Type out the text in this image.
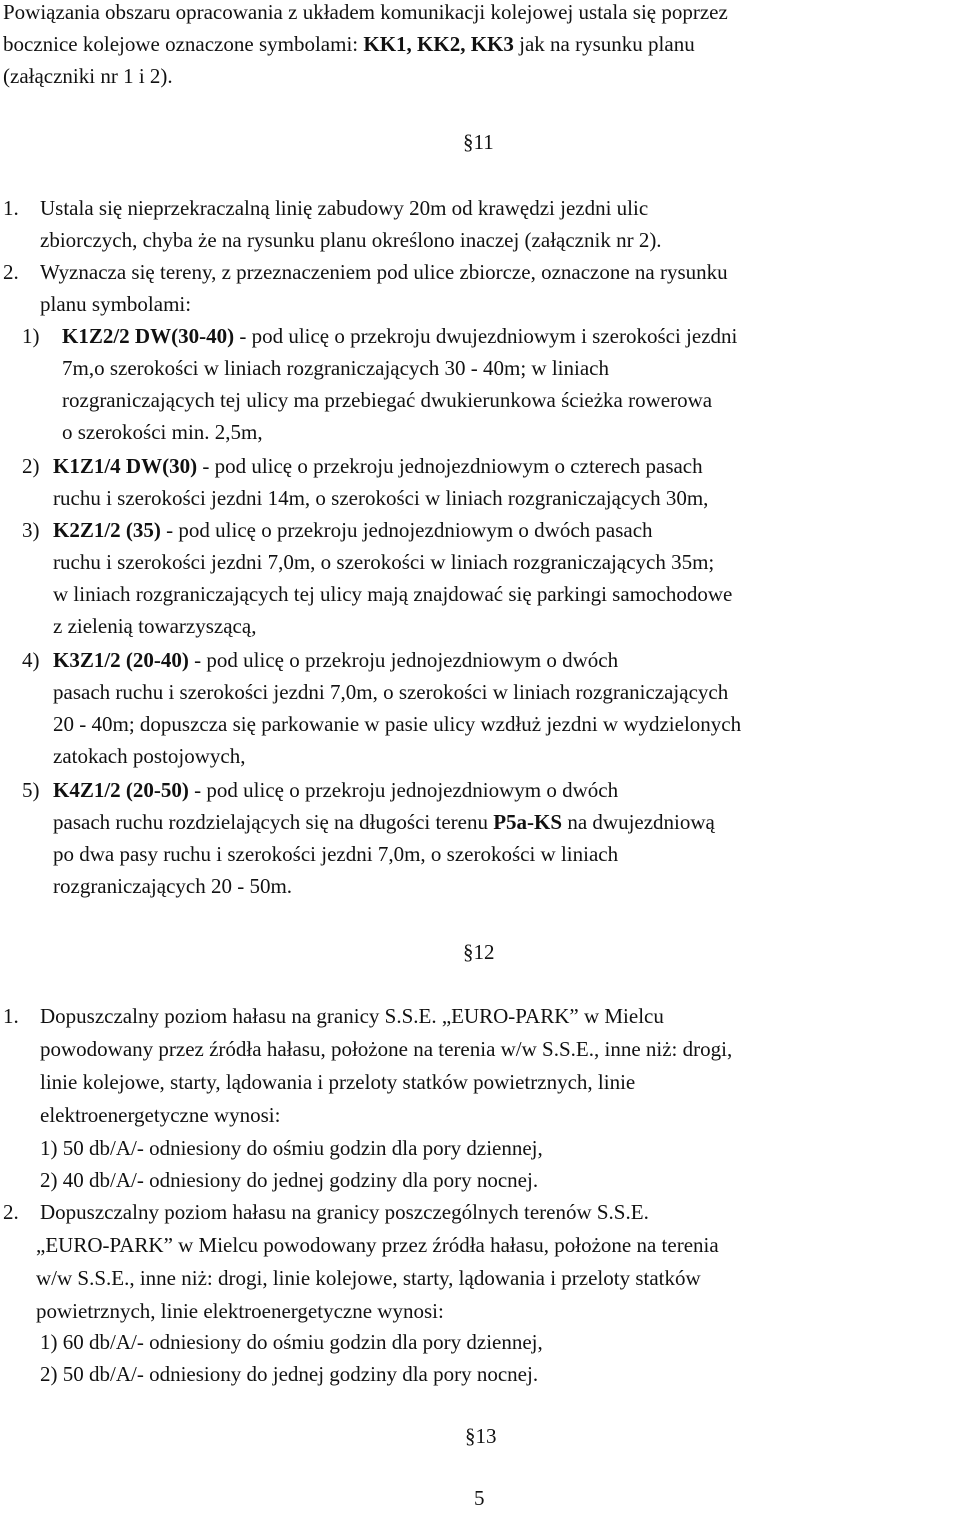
Powiązania obszaru opracowania z układem komunikacji kolejowej ustala się poprzez
bocznice kolejowe oznaczone symbolami: KK1, KK2, KK3 jak na rysunku planu
(załączniki nr 1 i 2).
§11
1. Ustala się nieprzekraczalną linię zabudowy 20m od krawędzi jezdni ulic
zbiorczych, chyba że na rysunku planu określono inaczej (załącznik nr 2).
2. Wyznacza się tereny, z przeznaczeniem pod ulice zbiorcze, oznaczone na rysunku
planu symbolami:
1) K1Z2/2 DW(30-40) - pod ulicę o przekroju dwujezdniowym i szerokości jezdni
7m,o szerokości w liniach rozgraniczających 30 - 40m; w liniach
rozgraniczających tej ulicy ma przebiegać dwukierunkowa ścieżka rowerowa
o szerokości min. 2,5m,
2) K1Z1/4 DW(30) - pod ulicę o przekroju jednojezdniowym o czterech pasach
ruchu i szerokości jezdni 14m, o szerokości w liniach rozgraniczających 30m,
3) K2Z1/2 (35) - pod ulicę o przekroju jednojezdniowym o dwóch pasach
ruchu i szerokości jezdni 7,0m, o szerokości w liniach rozgraniczających 35m;
w liniach rozgraniczających tej ulicy mają znajdować się parkingi samochodowe
z zielenią towarzyszącą,
4) K3Z1/2 (20-40) - pod ulicę o przekroju jednojezdniowym o dwóch
pasach ruchu i szerokości jezdni 7,0m, o szerokości w liniach rozgraniczających
20 - 40m; dopuszcza się parkowanie w pasie ulicy wzdłuż jezdni w wydzielonych
zatokach postojowych,
5) K4Z1/2 (20-50) - pod ulicę o przekroju jednojezdniowym o dwóch
pasach ruchu rozdzielających się na długości terenu P5a-KS na dwujezdniową
po dwa pasy ruchu i szerokości jezdni 7,0m, o szerokości w liniach
rozgraniczających 20 - 50m.
§12
1. Dopuszczalny poziom hałasu na granicy S.S.E. „EURO-PARK” w Mielcu
powodowany przez źródła hałasu, położone na terenia w/w S.S.E., inne niż: drogi,
linie kolejowe, starty, lądowania i przeloty statków powietrznych, linie
elektroenergetyczne wynosi:
1) 50 db/A/- odniesiony do ośmiu godzin dla pory dziennej,
2) 40 db/A/- odniesiony do jednej godziny dla pory nocnej.
2. Dopuszczalny poziom hałasu na granicy poszczególnych terenów S.S.E.
„EURO-PARK” w Mielcu powodowany przez źródła hałasu, położone na terenia
w/w S.S.E., inne niż: drogi, linie kolejowe, starty, lądowania i przeloty statków
powietrznych, linie elektroenergetyczne wynosi:
1) 60 db/A/- odniesiony do ośmiu godzin dla pory dziennej,
2) 50 db/A/- odniesiony do jednej godziny dla pory nocnej.
§13
5
